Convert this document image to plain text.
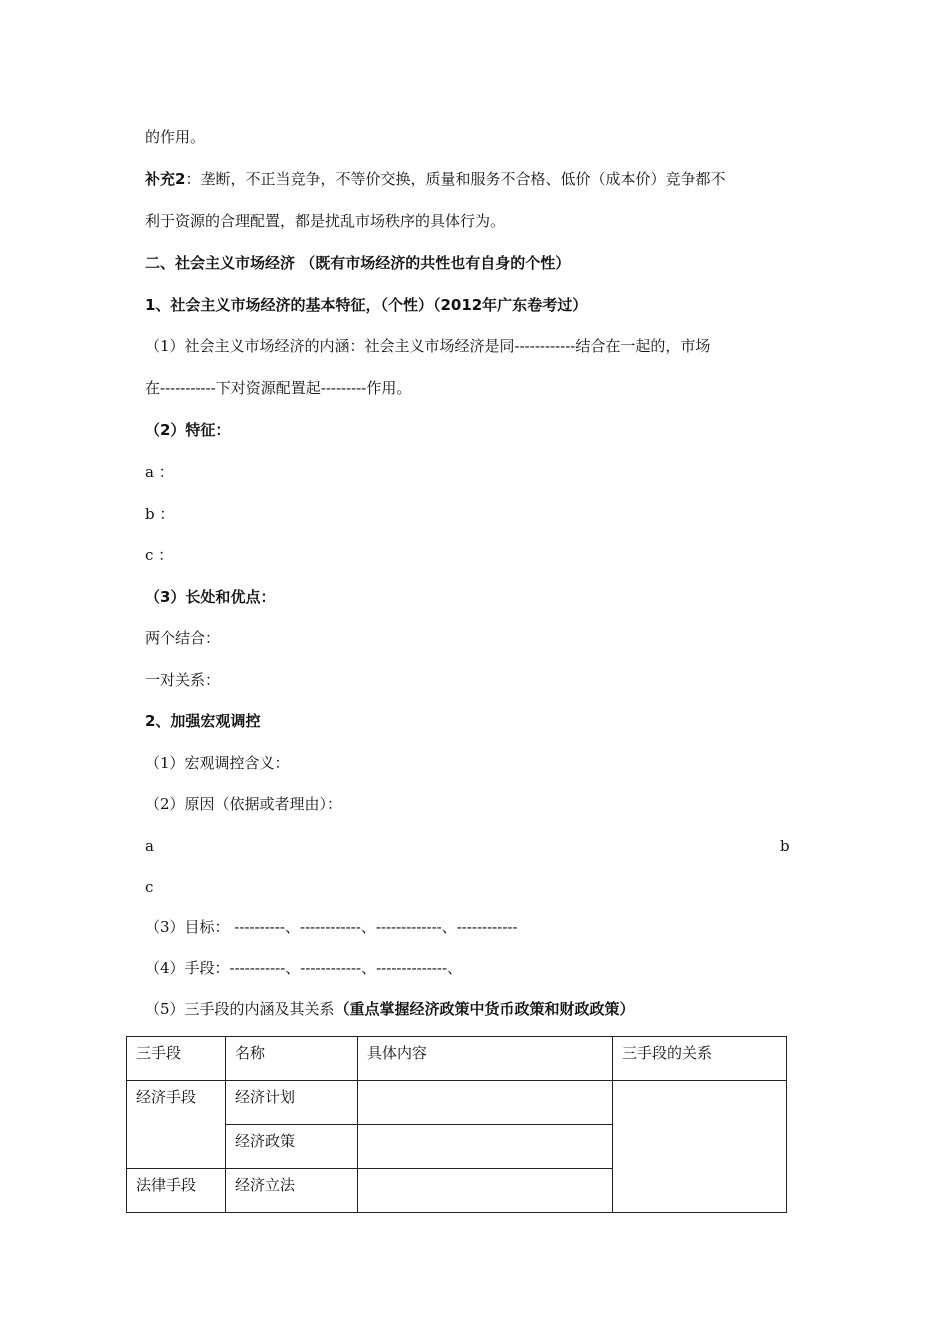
的作用。
补充2：垄断，不正当竞争，不等价交换，质量和服务不合格、低价（成本价）竞争都不
利于资源的合理配置，都是扰乱市场秩序的具体行为。
二、社会主义市场经济 （既有市场经济的共性也有自身的个性）
1、社会主义市场经济的基本特征，（个性）（2012年广东卷考过）
（1）社会主义市场经济的内涵：社会主义市场经济是同------------结合在一起的，市场
在-----------下对资源配置起---------作用。
（2）特征：
a ：
b ：
c ：
（3）长处和优点：
两个结合：
一对关系：
2、加强宏观调控
（1）宏观调控含义：
（2）原因（依据或者理由）：
a	b
c
（3）目标： ----------、------------、-------------、------------
（4）手段：-----------、------------、--------------、
（5）三手段的内涵及其关系（重点掌握经济政策中货币政策和财政政策）
三手段	名称	具体内容	三手段的关系
经济手段	经济计划		
	经济政策		
法律手段	经济立法		
